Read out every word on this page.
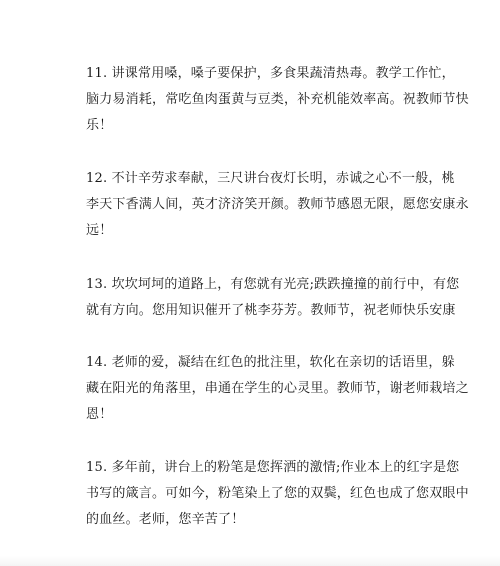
11. 讲课常用嗓，嗓子要保护，多食果蔬清热毒。教学工作忙，
脑力易消耗，常吃鱼肉蛋黄与豆类，补充机能效率高。祝教师节快
乐！
12. 不计辛劳求奉献，三尺讲台夜灯长明，赤诚之心不一般，桃
李天下香满人间，英才济济笑开颜。教师节感恩无限，愿您安康永
远！
13. 坎坎坷坷的道路上，有您就有光亮;跌跌撞撞的前行中，有您
就有方向。您用知识催开了桃李芬芳。教师节，祝老师快乐安康
14. 老师的爱，凝结在红色的批注里，软化在亲切的话语里，躲
藏在阳光的角落里，串通在学生的心灵里。教师节，谢老师栽培之
恩！
15. 多年前，讲台上的粉笔是您挥洒的激情;作业本上的红字是您
书写的箴言。可如今，粉笔染上了您的双鬓，红色也成了您双眼中
的血丝。老师，您辛苦了！
